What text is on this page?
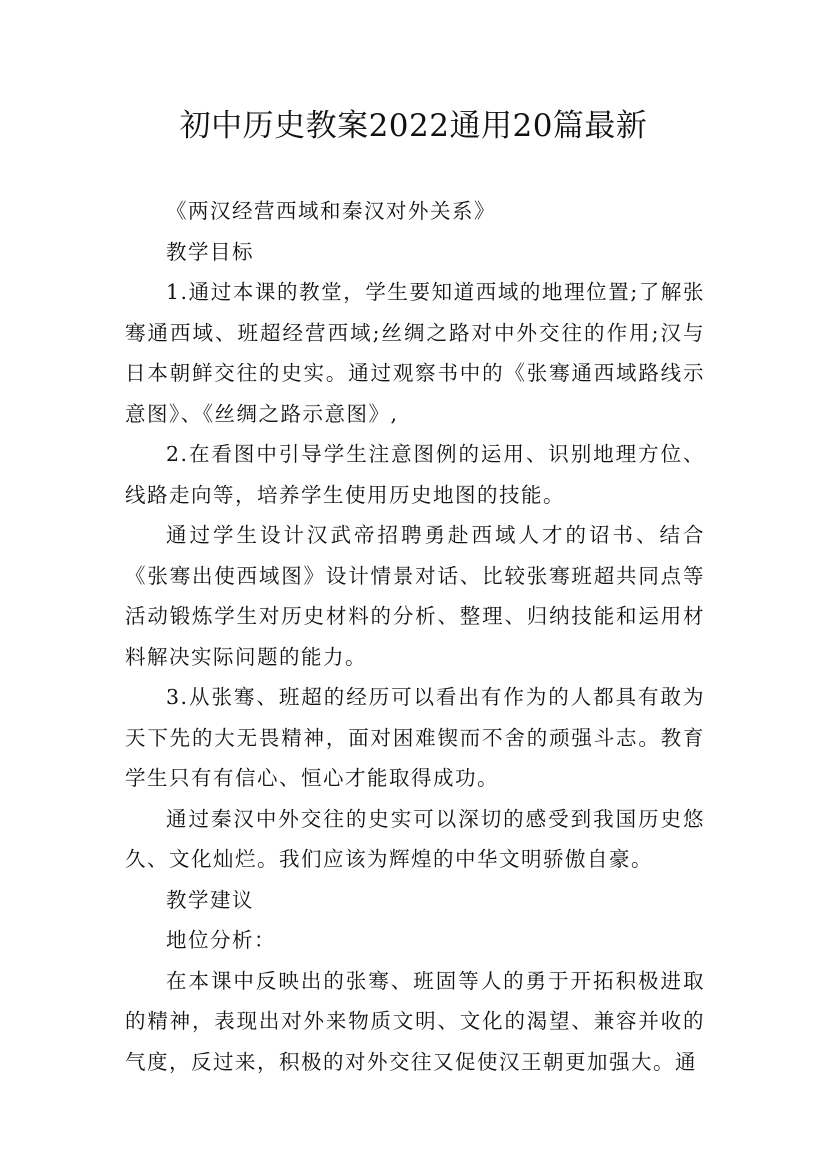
初中历史教案2022通用20篇最新

《两汉经营西域和秦汉对外关系》

教学目标

1.通过本课的教堂，学生要知道西域的地理位置;了解张骞通西域、班超经营西域;丝绸之路对中外交往的作用;汉与日本朝鲜交往的史实。通过观察书中的《张骞通西域路线示意图》、《丝绸之路示意图》,

2.在看图中引导学生注意图例的运用、识别地理方位、线路走向等，培养学生使用历史地图的技能。

通过学生设计汉武帝招聘勇赴西域人才的诏书、结合《张骞出使西域图》设计情景对话、比较张骞班超共同点等活动锻炼学生对历史材料的分析、整理、归纳技能和运用材料解决实际问题的能力。

3.从张骞、班超的经历可以看出有作为的人都具有敢为天下先的大无畏精神，面对困难锲而不舍的顽强斗志。教育学生只有有信心、恒心才能取得成功。

通过秦汉中外交往的史实可以深切的感受到我国历史悠久、文化灿烂。我们应该为辉煌的中华文明骄傲自豪。

教学建议

地位分析：

在本课中反映出的张骞、班固等人的勇于开拓积极进取的精神，表现出对外来物质文明、文化的渴望、兼容并收的气度，反过来，积极的对外交往又促使汉王朝更加强大。通
